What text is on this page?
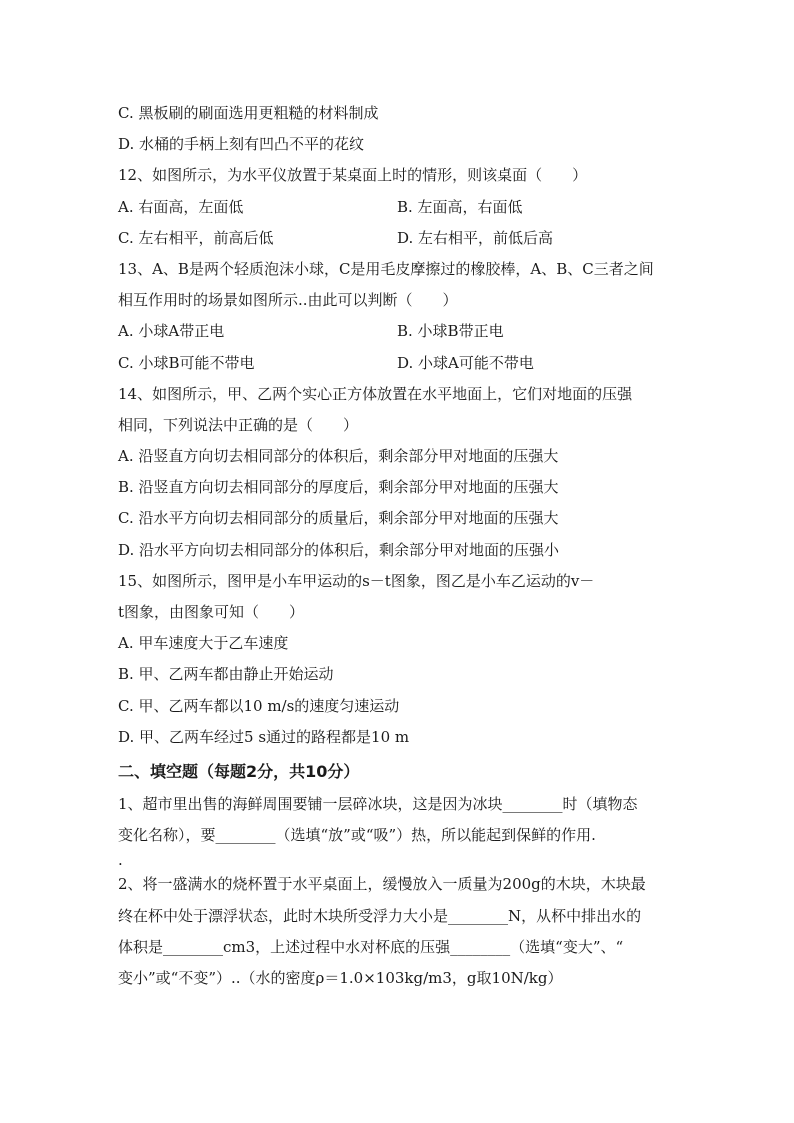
C. 黑板刷的刷面选用更粗糙的材料制成
D. 水桶的手柄上刻有凹凸不平的花纹
12、如图所示，为水平仪放置于某桌面上时的情形，则该桌面（　　）
A. 右面高，左面低	B. 左面高，右面低
C. 左右相平，前高后低	D. 左右相平，前低后高
13、A、B是两个轻质泡沫小球，C是用毛皮摩擦过的橡胶棒，A、B、C三者之间
相互作用时的场景如图所示..由此可以判断（　　）
A. 小球A带正电	B. 小球B带正电
C. 小球B可能不带电	D. 小球A可能不带电
14、如图所示，甲、乙两个实心正方体放置在水平地面上，它们对地面的压强
相同，下列说法中正确的是（　　）
A. 沿竖直方向切去相同部分的体积后，剩余部分甲对地面的压强大
B. 沿竖直方向切去相同部分的厚度后，剩余部分甲对地面的压强大
C. 沿水平方向切去相同部分的质量后，剩余部分甲对地面的压强大
D. 沿水平方向切去相同部分的体积后，剩余部分甲对地面的压强小
15、如图所示，图甲是小车甲运动的s－t图象，图乙是小车乙运动的v－
t图象，由图象可知（　　）
A. 甲车速度大于乙车速度
B. 甲、乙两车都由静止开始运动
C. 甲、乙两车都以10 m/s的速度匀速运动
D. 甲、乙两车经过5 s通过的路程都是10 m
二、填空题（每题2分，共10分）
1、超市里出售的海鲜周围要铺一层碎冰块，这是因为冰块________时（填物态
变化名称），要________（选填“放”或“吸”）热，所以能起到保鲜的作用.
.
2、将一盛满水的烧杯置于水平桌面上，缓慢放入一质量为200g的木块，木块最
终在杯中处于漂浮状态，此时木块所受浮力大小是________N，从杯中排出水的
体积是________cm3，上述过程中水对杯底的压强________（选填“变大”、“
变小”或“不变”）..（水的密度ρ＝1.0×103kg/m3，g取10N/kg）
